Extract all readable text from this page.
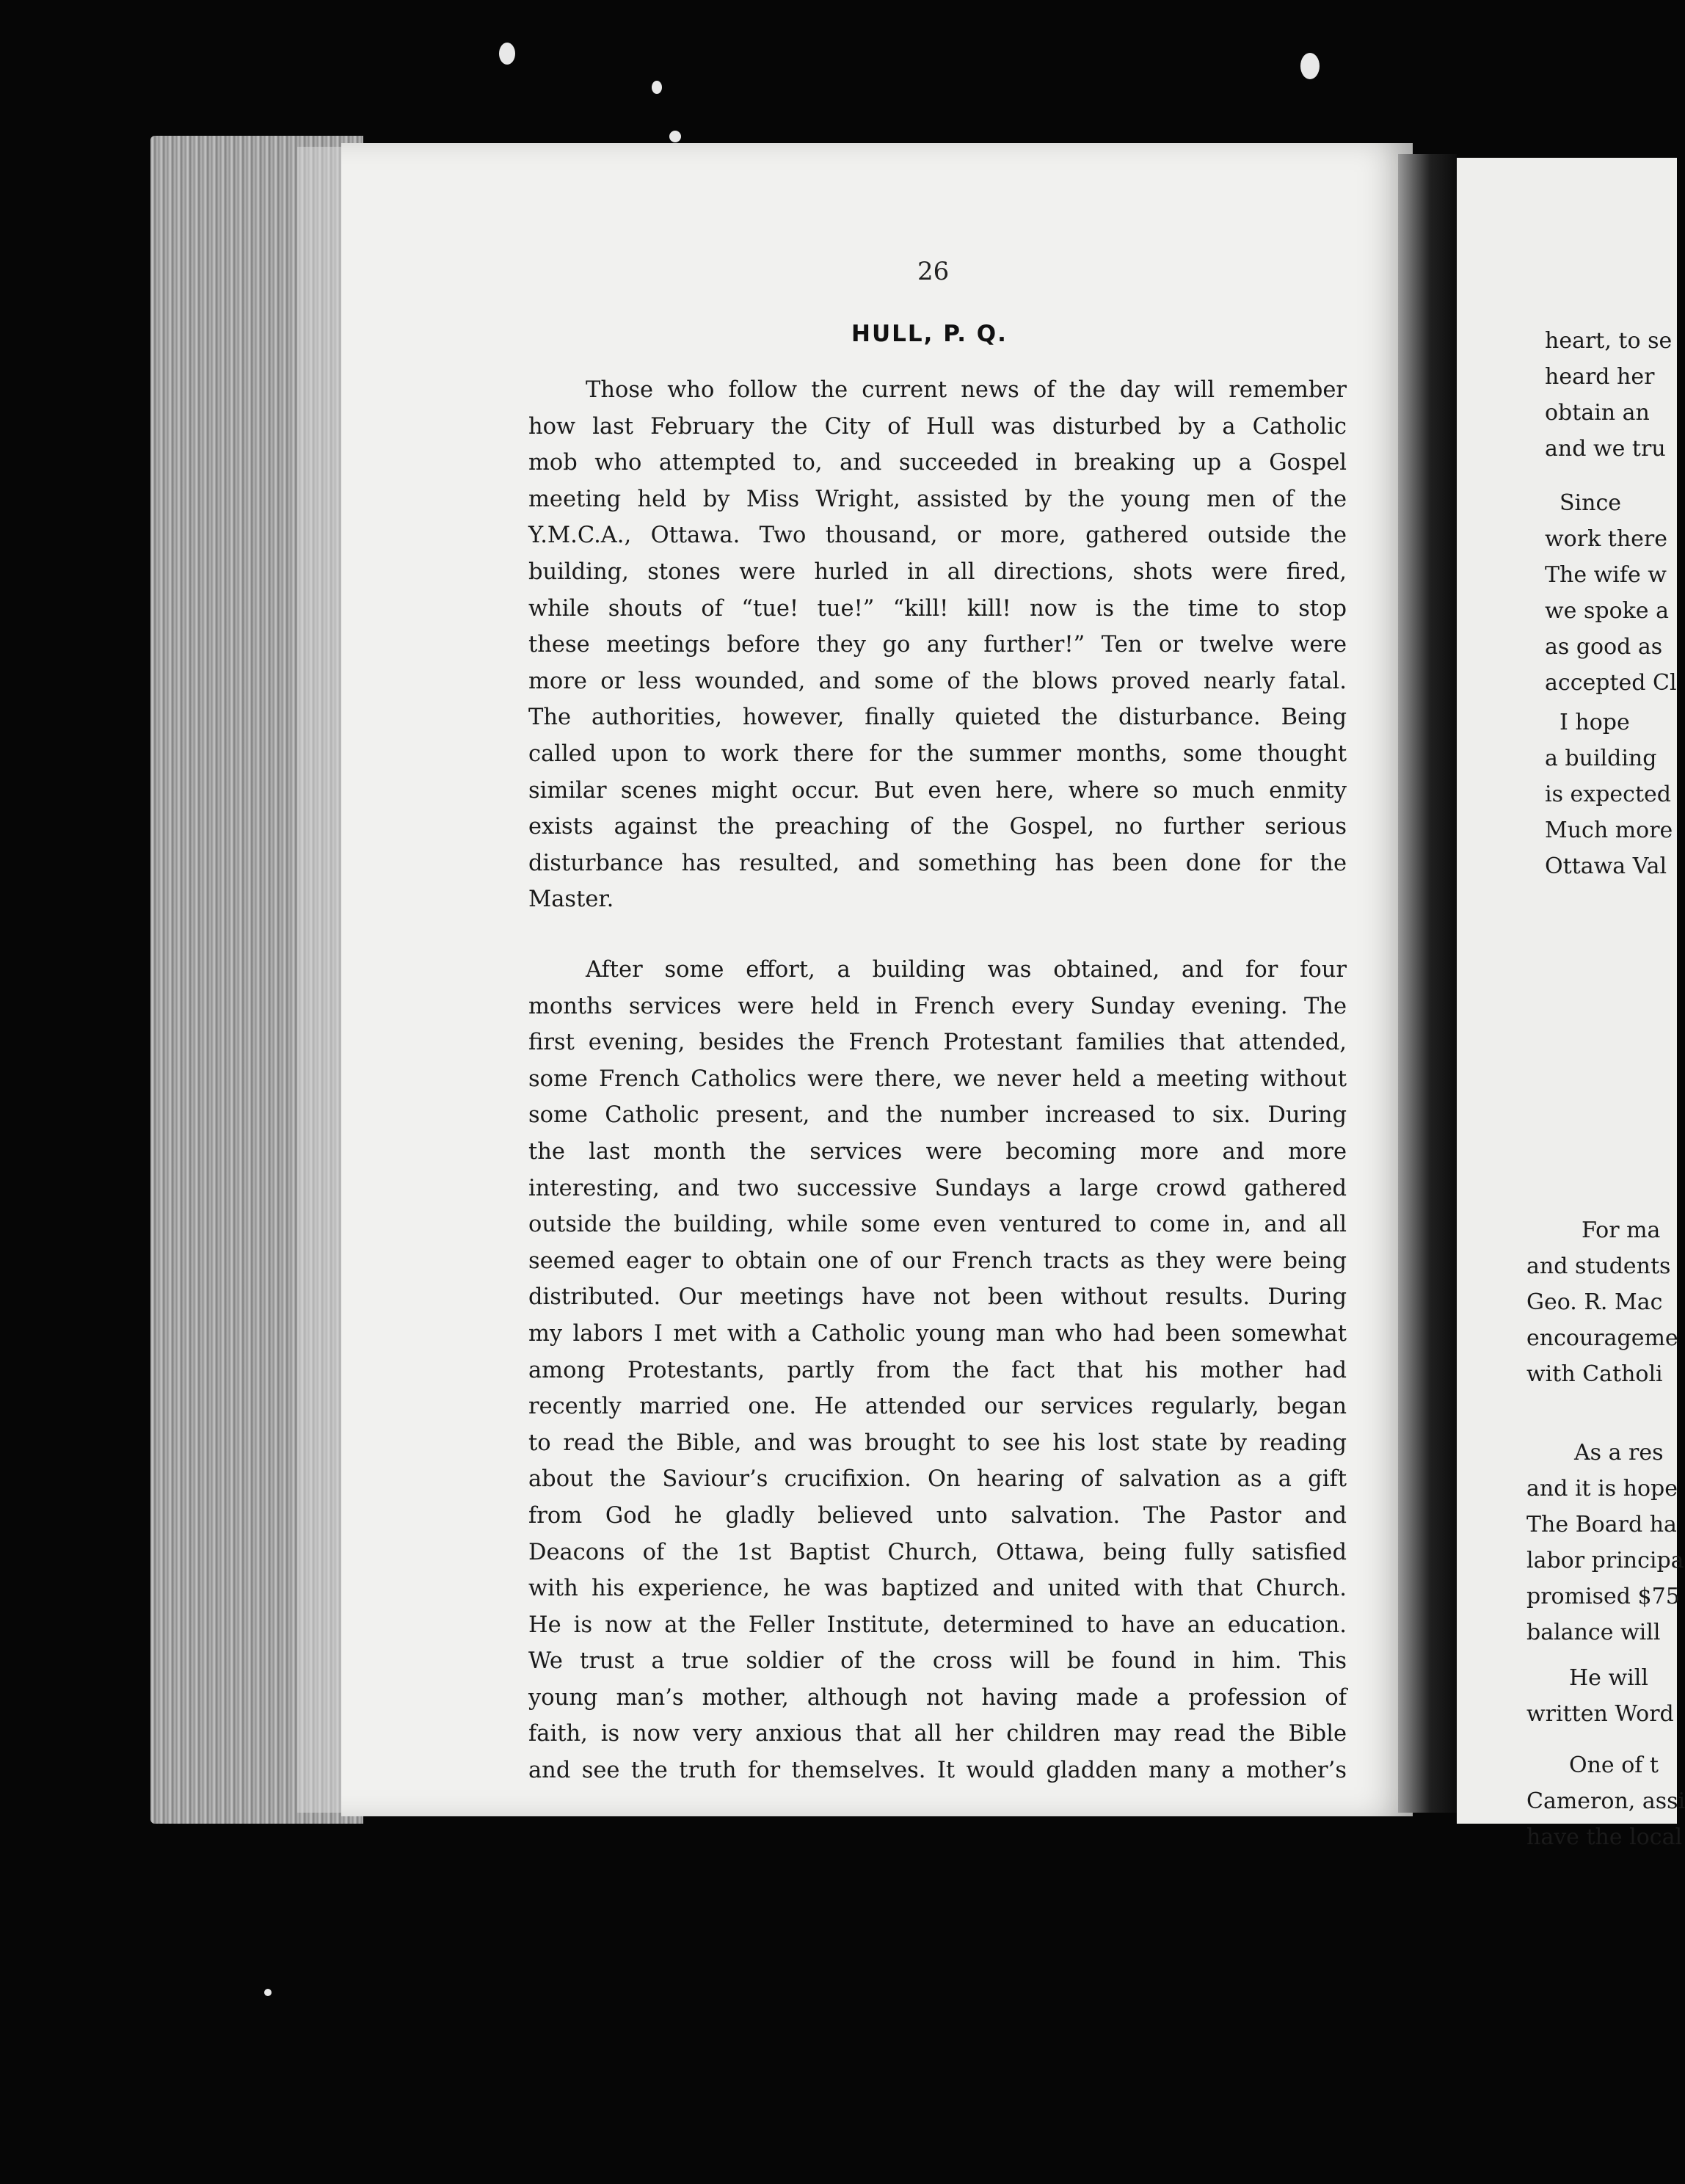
26
HULL, P. Q.
Those who follow the current news of the day will remember
how last February the City of Hull was disturbed by a Catholic
mob who attempted to, and succeeded in breaking up a Gospel
meeting held by Miss Wright, assisted by the young men of the
Y.M.C.A., Ottawa. Two thousand, or more, gathered outside the
building, stones were hurled in all directions, shots were fired,
while shouts of “tue! tue!” “kill! kill! now is the time to stop
these meetings before they go any further!” Ten or twelve were
more or less wounded, and some of the blows proved nearly fatal.
The authorities, however, finally quieted the disturbance. Being
called upon to work there for the summer months, some thought
similar scenes might occur. But even here, where so much enmity
exists against the preaching of the Gospel, no further serious
disturbance has resulted, and something has been done for the
Master.
After some effort, a building was obtained, and for four
months services were held in French every Sunday evening. The
first evening, besides the French Protestant families that attended,
some French Catholics were there, we never held a meeting without
some Catholic present, and the number increased to six. During
the last month the services were becoming more and more
interesting, and two successive Sundays a large crowd gathered
outside the building, while some even ventured to come in, and all
seemed eager to obtain one of our French tracts as they were being
distributed. Our meetings have not been without results. During
my labors I met with a Catholic young man who had been somewhat
among Protestants, partly from the fact that his mother had
recently married one. He attended our services regularly, began
to read the Bible, and was brought to see his lost state by reading
about the Saviour’s crucifixion. On hearing of salvation as a gift
from God he gladly believed unto salvation. The Pastor and
Deacons of the 1st Baptist Church, Ottawa, being fully satisfied
with his experience, he was baptized and united with that Church.
He is now at the Feller Institute, determined to have an education.
We trust a true soldier of the cross will be found in him. This
young man’s mother, although not having made a profession of
faith, is now very anxious that all her children may read the Bible
and see the truth for themselves. It would gladden many a mother’s
heart, to se
heard her
obtain an
and we tru
Since
work there
The wife w
we spoke a
as good as
accepted Cl
I hope
a building
is expected
Much more
Ottawa Val
For ma
and students
Geo. R. Mac
encourageme
with Catholi
As a res
and it is hope
The Board ha
labor principa
promised $75
balance will
He will
written Word
One of t
Cameron, assi
have the local
